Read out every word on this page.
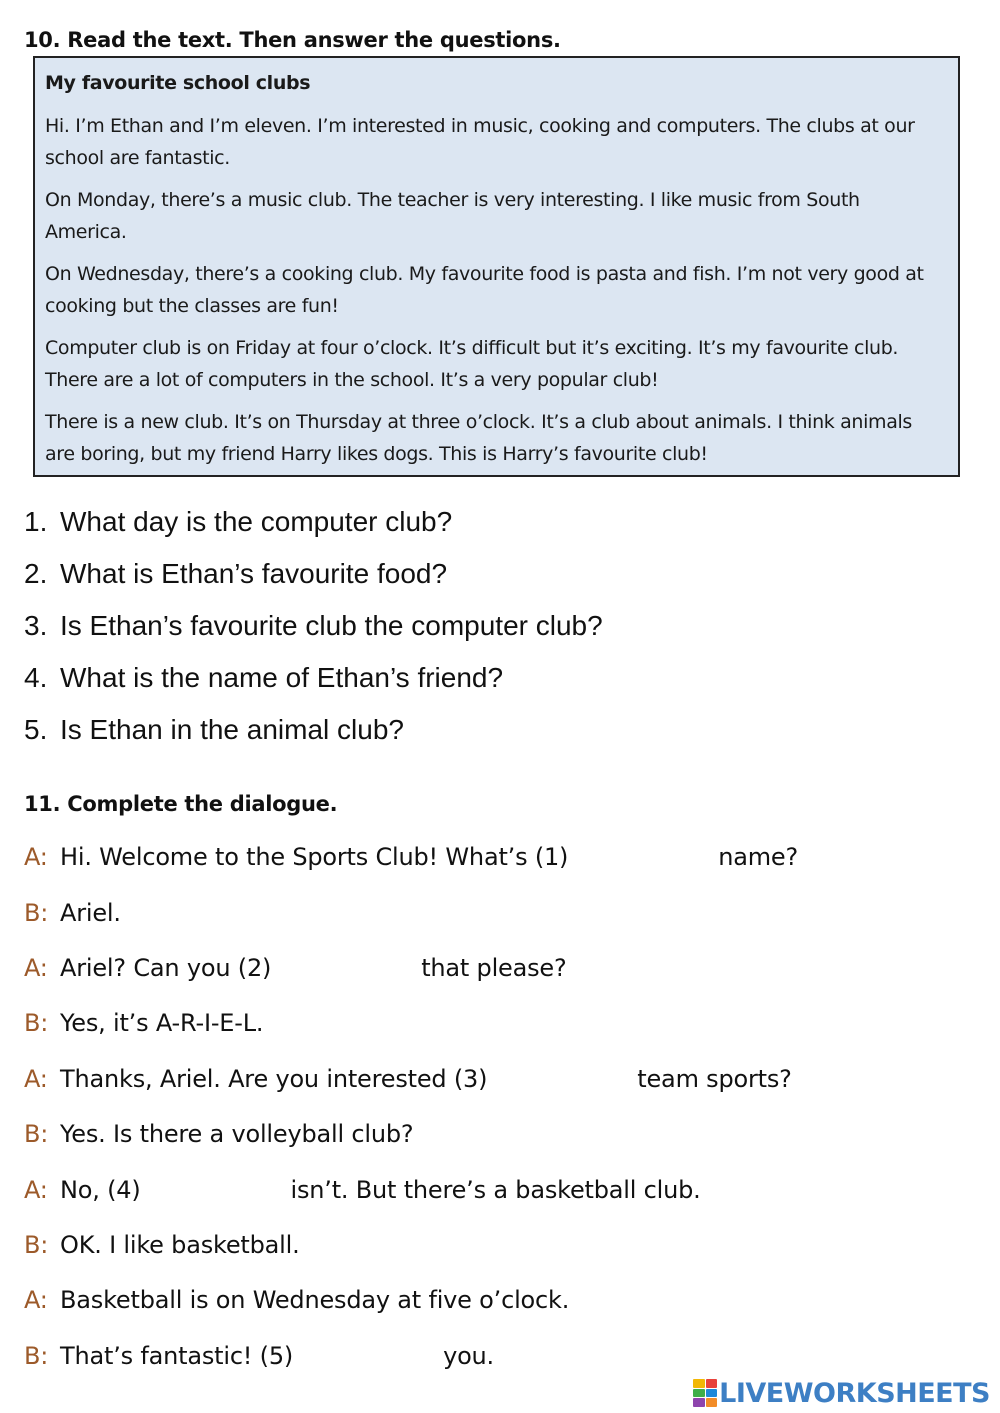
10. Read the text. Then answer the questions.
My favourite school clubs

Hi. I’m Ethan and I’m eleven. I’m interested in music, cooking and computers. The clubs at our school are fantastic.

On Monday, there’s a music club. The teacher is very interesting. I like music from South America.

On Wednesday, there’s a cooking club. My favourite food is pasta and fish. I’m not very good at cooking but the classes are fun!

Computer club is on Friday at four o’clock. It’s difficult but it’s exciting. It’s my favourite club. There are a lot of computers in the school. It’s a very popular club!

There is a new club. It’s on Thursday at three o’clock. It’s a club about animals. I think animals are boring, but my friend Harry likes dogs. This is Harry’s favourite club!

1. What day is the computer club?
2. What is Ethan’s favourite food?
3. Is Ethan’s favourite club the computer club?
4. What is the name of Ethan’s friend?
5. Is Ethan in the animal club?
11. Complete the dialogue.
A: Hi. Welcome to the Sports Club! What’s (1)	name?
B: Ariel.
A: Ariel? Can you (2)	that please?
B: Yes, it’s A-R-I-E-L.
A: Thanks, Ariel. Are you interested (3)	team sports?
B: Yes. Is there a volleyball club?
A: No, (4)	isn’t. But there’s a basketball club.
B: OK. I like basketball.
A: Basketball is on Wednesday at five o’clock.
B: That’s fantastic! (5)	you.
LIVEWORKSHEETS
